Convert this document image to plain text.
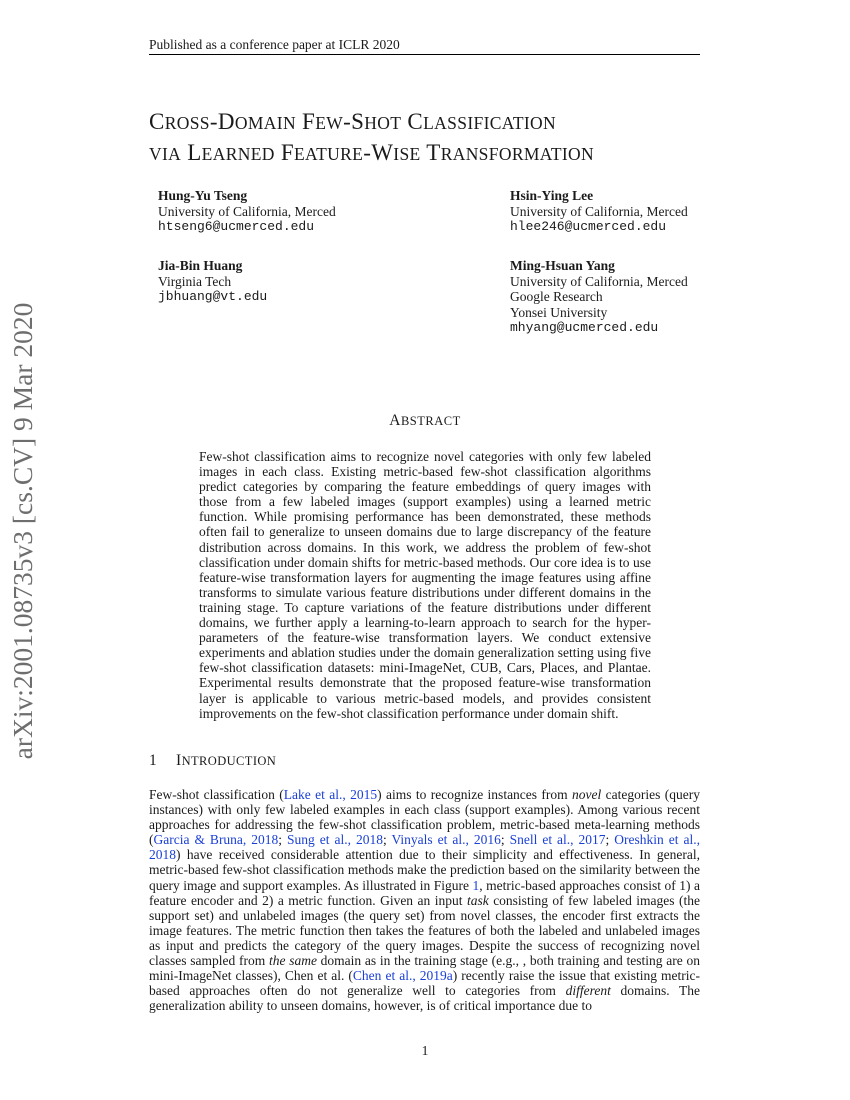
Published as a conference paper at ICLR 2020
CROSS-DOMAIN FEW-SHOT CLASSIFICATION
VIA LEARNED FEATURE-WISE TRANSFORMATION
Hung-Yu Tseng
University of California, Merced
htseng6@ucmerced.edu
Hsin-Ying Lee
University of California, Merced
hlee246@ucmerced.edu
Jia-Bin Huang
Virginia Tech
jbhuang@vt.edu
Ming-Hsuan Yang
University of California, Merced
Google Research
Yonsei University
mhyang@ucmerced.edu
arXiv:2001.08735v3 [cs.CV] 9 Mar 2020	ABSTRACT
Few-shot classification aims to recognize novel categories with only few labeled images in each class. Existing metric-based few-shot classification algorithms predict categories by comparing the feature embeddings of query images with those from a few labeled images (support examples) using a learned metric function. While promising performance has been demonstrated, these methods often fail to generalize to unseen domains due to large discrepancy of the feature distribution across domains. In this work, we address the problem of few-shot classification under domain shifts for metric-based methods. Our core idea is to use feature-wise transformation layers for augmenting the image features using affine transforms to simulate various feature distributions under different domains in the training stage. To capture variations of the feature distributions under different domains, we further apply a learning-to-learn approach to search for the hyper-parameters of the feature-wise transformation layers. We conduct extensive experiments and ablation studies under the domain generalization setting using five few-shot classification datasets: mini-ImageNet, CUB, Cars, Places, and Plantae. Experimental results demonstrate that the proposed feature-wise transformation layer is applicable to various metric-based models, and provides consistent improvements on the few-shot classification performance under domain shift.
1 INTRODUCTION
Few-shot classification (Lake et al., 2015) aims to recognize instances from novel categories (query instances) with only few labeled examples in each class (support examples). Among various recent approaches for addressing the few-shot classification problem, metric-based meta-learning methods (Garcia & Bruna, 2018; Sung et al., 2018; Vinyals et al., 2016; Snell et al., 2017; Oreshkin et al., 2018) have received considerable attention due to their simplicity and effectiveness. In general, metric-based few-shot classification methods make the prediction based on the similarity between the query image and support examples. As illustrated in Figure 1, metric-based approaches consist of 1) a feature encoder and 2) a metric function. Given an input task consisting of few labeled images (the support set) and unlabeled images (the query set) from novel classes, the encoder first extracts the image features. The metric function then takes the features of both the labeled and unlabeled images as input and predicts the category of the query images. Despite the success of recognizing novel classes sampled from the same domain as in the training stage (e.g., , both training and testing are on mini-ImageNet classes), Chen et al. (Chen et al., 2019a) recently raise the issue that existing metric-based approaches often do not generalize well to categories from different domains. The generalization ability to unseen domains, however, is of critical importance due to
1
